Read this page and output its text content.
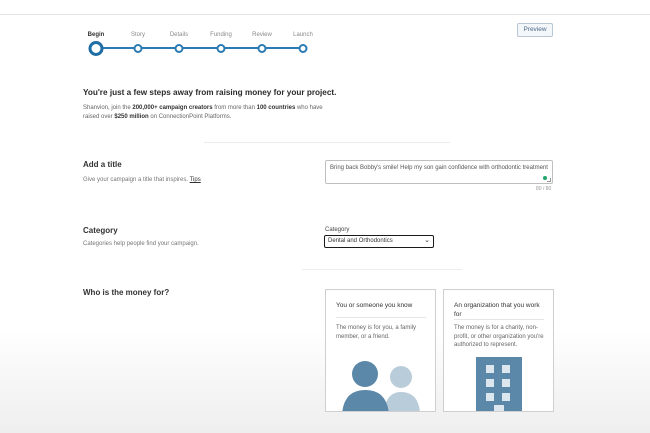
Preview
Begin	Story	Details	Funding	Review	Launch
You're just a few steps away from raising money for your project.
Shanvion, join the 200,000+ campaign creators from more than 100 countries who have raised over $250 million on ConnectionPoint Platforms.
Add a title
Give your campaign a title that inspires. Tips
Bring back Bobby's smile! Help my son gain confidence with orthodontic treatment
80 / 80
Category
Categories help people find your campaign.
Category
Dental and Orthodontics	⌄
Who is the money for?
You or someone you know
The money is for you, a family member, or a friend.
An organization that you work for
The money is for a charity, non-profit, or other organization you're authorized to represent.
